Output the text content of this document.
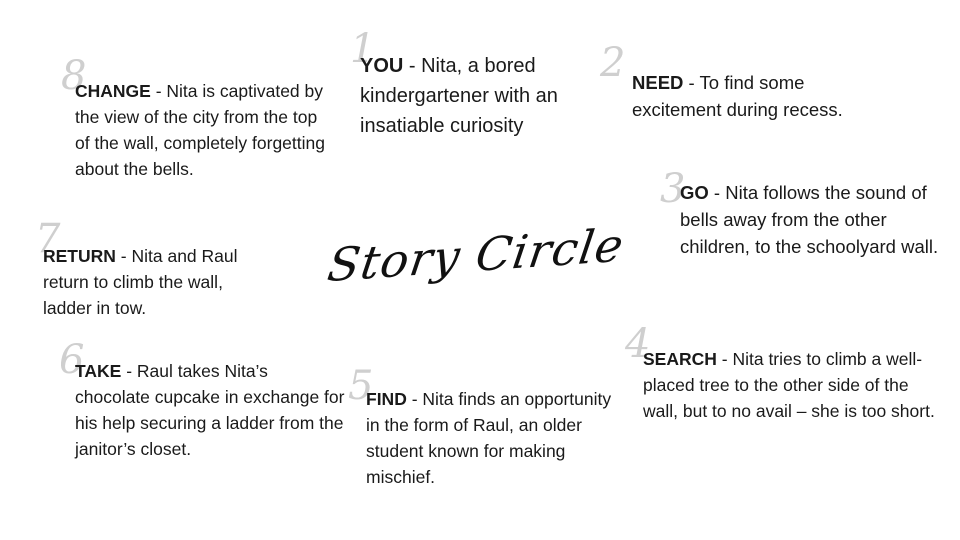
Story Circle
8
CHANGE - Nita is captivated by the view of the city from the top of the wall, completely forgetting about the bells.
1
YOU - Nita, a bored kindergartener with an insatiable curiosity
2 NEED - To find some excitement during recess.
3
GO - Nita follows the sound of bells away from the other children, to the schoolyard wall.
7
RETURN - Nita and Raul return to climb the wall, ladder in tow.
6
TAKE - Raul takes Nita’s chocolate cupcake in exchange for his help securing a ladder from the janitor’s closet.
5
FIND - Nita finds an opportunity in the form of Raul, an older student known for making mischief.
4
SEARCH - Nita tries to climb a well-placed tree to the other side of the wall, but to no avail – she is too short.
